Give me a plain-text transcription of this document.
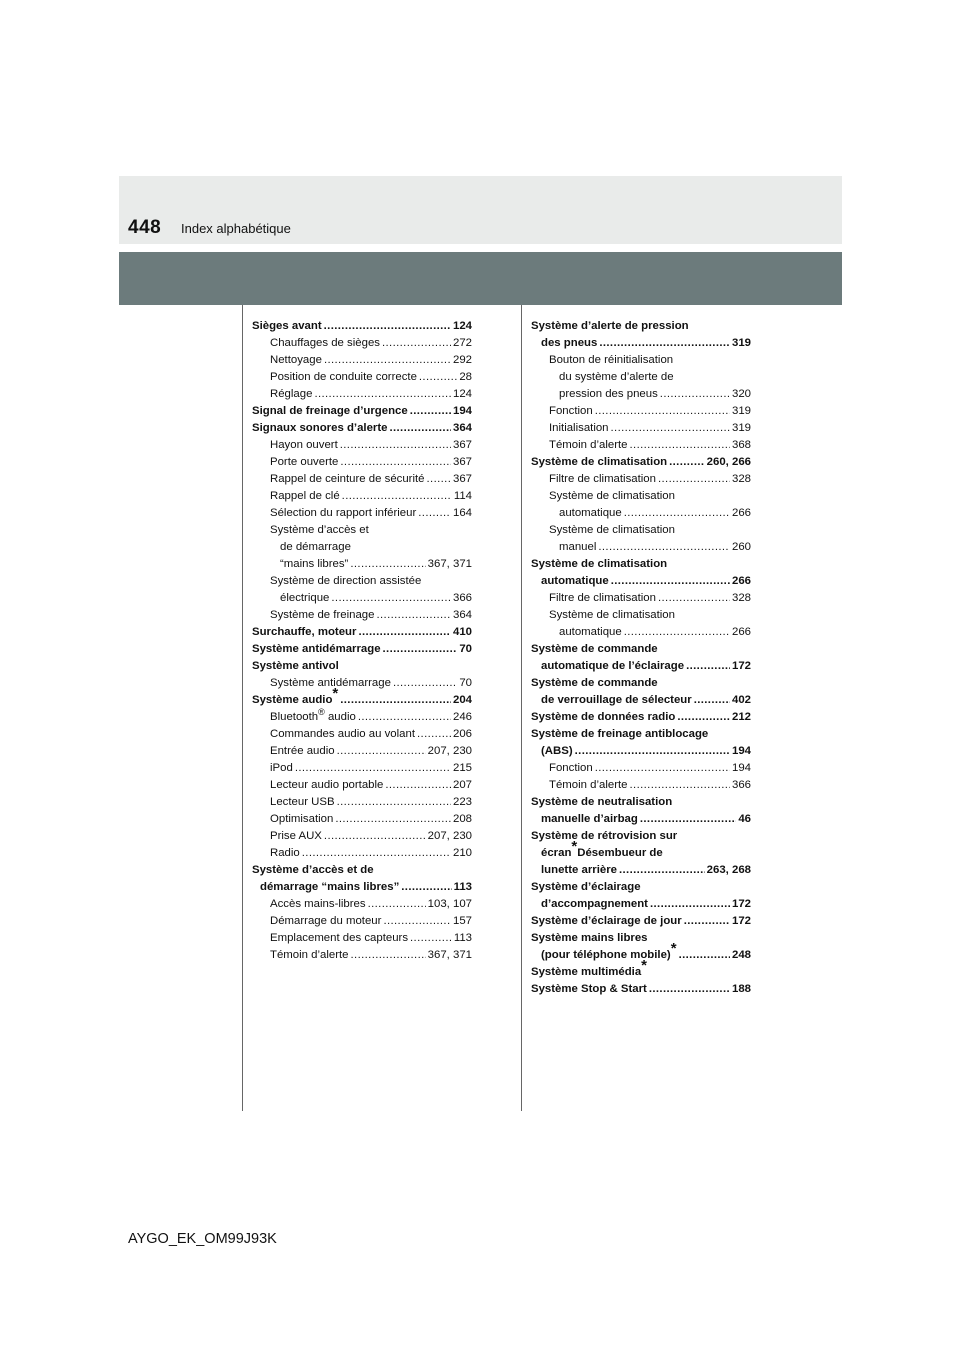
448 Index alphabétique
Sièges avant . . .	124
Chauffages de sièges . . .	272
Nettoyage . . .	292
Position de conduite correcte . . .	28
Réglage . . .	124
Signal de freinage d’urgence . . .	194
Signaux sonores d’alerte . . .	364
Hayon ouvert . . .	367
Porte ouverte . . .	367
Rappel de ceinture de sécurité . . . 367
Rappel de clé . . .	114
Sélection du rapport inférieur . . .	164
Système d’accès et
de démarrage
“mains libres” . . .	367, 371
Système de direction assistée
électrique . . .	366
Système de freinage . . .	364
Surchauffe, moteur . . .	410
Système antidémarrage . . .	70
Système antivol
Système antidémarrage . . .	70
Système audio* . . .	204
Bluetooth® audio . . .	246
Commandes audio au volant . . .	206
Entrée audio . . .	207, 230
iPod . . .	215
Lecteur audio portable . . .	207
Lecteur USB . . .	223
Optimisation . . .	208
Prise AUX . . .	207, 230
Radio . . .	210
Système d’accès et de
démarrage “mains libres” . . .	113
Accès mains-libres . . .	103, 107
Démarrage du moteur . . .	157
Emplacement des capteurs . . .	113
Témoin d’alerte . . .	367, 371
Système d’alerte de pression
des pneus . . .	319
Bouton de réinitialisation
du système d’alerte de
pression des pneus . . .	320
Fonction . . .	319
Initialisation . . .	319
Témoin d’alerte . . .	368
Système de climatisation . . .	260, 266
Filtre de climatisation . . .	328
Système de climatisation
automatique . . .	266
Système de climatisation
manuel . . .	260
Système de climatisation
automatique . . .	266
Filtre de climatisation . . .	328
Système de climatisation
automatique . . .	266
Système de commande
automatique de l’éclairage . . .	172
Système de commande
de verrouillage de sélecteur . . .	402
Système de données radio . . .	212
Système de freinage antiblocage
(ABS) . . .	194
Fonction . . .	194
Témoin d’alerte . . .	366
Système de neutralisation
manuelle d’airbag . . .	46
Système de rétrovision sur
écran*Désembueur de
lunette arrière . . .	263, 268
Système d’éclairage
d’accompagnement . . .	172
Système d’éclairage de jour . . .	172
Système mains libres
(pour téléphone mobile)* . . .	248
Système multimédia*
Système Stop & Start . . .	188
AYGO_EK_OM99J93K
